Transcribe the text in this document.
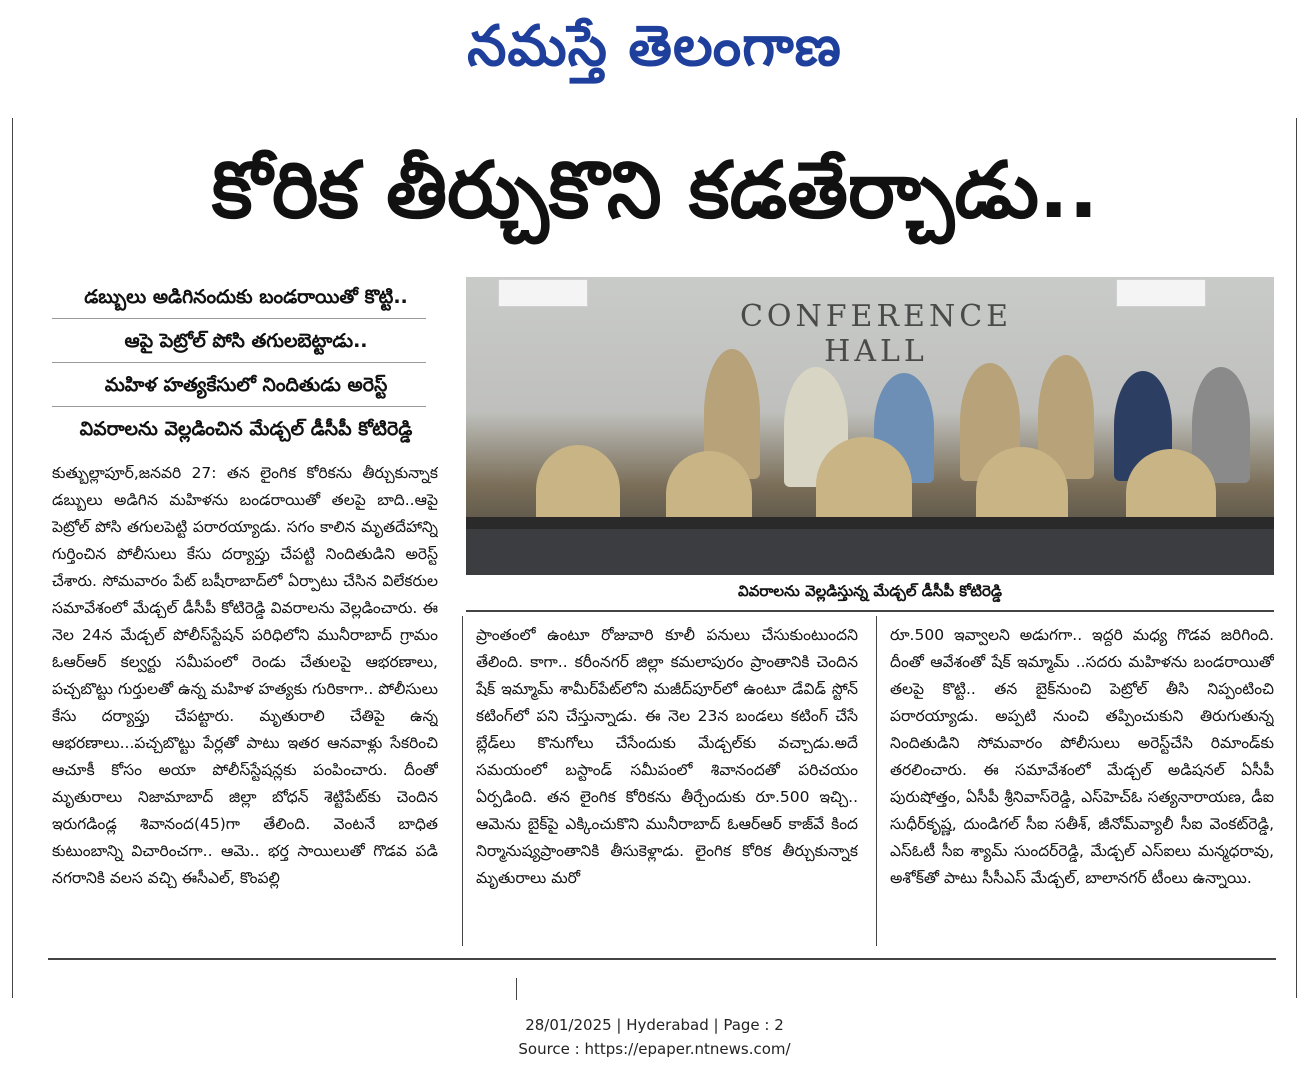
నమస్తే తెలంగాణ
కోరిక తీర్చుకొని కడతేర్చాడు..
డబ్బులు అడిగినందుకు బండరాయితో కొట్టి..
ఆపై పెట్రోల్ పోసి తగులబెట్టాడు..
మహిళ హత్యకేసులో నిందితుడు అరెస్ట్
వివరాలను వెల్లడించిన మేడ్చల్ డీసీపీ కోటిరెడ్డి
CONFERENCE HALL
వివరాలను వెల్లడిస్తున్న మేడ్చల్ డీసీపీ కోటిరెడ్డి
కుత్బుల్లాపూర్,జనవరి 27: తన లైంగిక కోరికను తీర్చుకున్నాక డబ్బులు అడిగిన మహిళను బండరాయితో తలపై బాది..ఆపై పెట్రోల్ పోసి తగులపెట్టి పరారయ్యాడు. సగం కాలిన మృతదేహాన్ని గుర్తించిన పోలీసులు కేసు దర్యాప్తు చేపట్టి నిందితుడిని అరెస్ట్ చేశారు. సోమవారం పేట్ బషీరాబాద్‌లో ఏర్పాటు చేసిన విలేకరుల సమావేశంలో మేడ్చల్ డీసీపీ కోటిరెడ్డి వివరాలను వెల్లడించారు. ఈ నెల 24న మేడ్చల్ పోలీస్‌స్టేషన్ పరిధిలోని మునీరాబాద్ గ్రామం ఓఆర్‌ఆర్ కల్వర్టు సమీపంలో రెండు చేతులపై ఆభరణాలు, పచ్చబొట్టు గుర్తులతో ఉన్న మహిళ హత్యకు గురికాగా.. పోలీసులు కేసు దర్యాప్తు చేపట్టారు. మృతురాలి చేతిపై ఉన్న ఆభరణాలు...పచ్చబొట్టు పేర్లతో పాటు ఇతర ఆనవాళ్లు సేకరించి ఆచూకీ కోసం అయా పోలీస్‌స్టేషన్లకు పంపించారు. దీంతో మృతురాలు నిజామాబాద్ జిల్లా బోధన్ శెట్టిపేట్‌కు చెందిన ఇరుగడిండ్ల శివానంద(45)గా తేలింది. వెంటనే బాధిత కుటుంబాన్ని విచారించగా.. ఆమె.. భర్త సాయిలుతో గొడవ పడి నగరానికి వలస వచ్చి ఈసీఎల్, కొంపల్లి
ప్రాంతంలో ఉంటూ రోజువారి కూలీ పనులు చేసుకుంటుందని తేలింది. కాగా.. కరీంనగర్ జిల్లా కమలాపురం ప్రాంతానికి చెందిన షేక్ ఇమ్మామ్ శామీర్‌పేట్‌లోని మజీద్‌పూర్‌లో ఉంటూ డేవిడ్ స్టోన్ కటింగ్‌లో పని చేస్తున్నాడు. ఈ నెల 23న బండలు కటింగ్ చేసే బ్లేడ్‌లు కొనుగోలు చేసేందుకు మేడ్చల్‌కు వచ్చాడు.అదే సమయంలో బస్టాండ్ సమీపంలో శివానందతో పరిచయం ఏర్పడింది. తన లైంగిక కోరికను తీర్చేందుకు రూ.500 ఇచ్చి.. ఆమెను బైక్‌పై ఎక్కించుకొని మునీరాబాద్ ఓఆర్‌ఆర్ కాజ్‌వే కింద నిర్మానుష్యప్రాంతానికి తీసుకెళ్లాడు. లైంగిక కోరిక తీర్చుకున్నాక మృతురాలు మరో
రూ.500 ఇవ్వాలని అడుగగా.. ఇద్దరి మధ్య గొడవ జరిగింది. దీంతో ఆవేశంతో షేక్ ఇమ్మామ్ ..సదరు మహిళను బండరాయితో తలపై కొట్టి.. తన బైక్‌నుంచి పెట్రోల్ తీసి నిప్పంటించి పరారయ్యాడు. అప్పటి నుంచి తప్పించుకుని తిరుగుతున్న నిందితుడిని సోమవారం పోలీసులు అరెస్ట్‌చేసి రిమాండ్‌కు తరలించారు. ఈ సమావేశంలో మేడ్చల్ అడిషనల్ ఏసీపీ పురుషోత్తం, ఏసీపీ శ్రీనివాస్‌రెడ్డి, ఎస్‌హెచ్‌ఓ సత్యనారాయణ, డీఐ సుధీర్‌కృష్ణ, దుండిగల్ సీఐ సతీశ్, జీనోమ్‌వ్యాలీ సీఐ వెంకట్‌రెడ్డి, ఎస్ఓటీ సీఐ శ్యామ్ సుందర్‌రెడ్డి, మేడ్చల్ ఎస్ఐలు మన్మధరావు, అశోక్‌తో పాటు సీసీఎస్ మేడ్చల్, బాలానగర్ టీంలు ఉన్నాయి.
28/01/2025 | Hyderabad | Page : 2
Source : https://epaper.ntnews.com/
